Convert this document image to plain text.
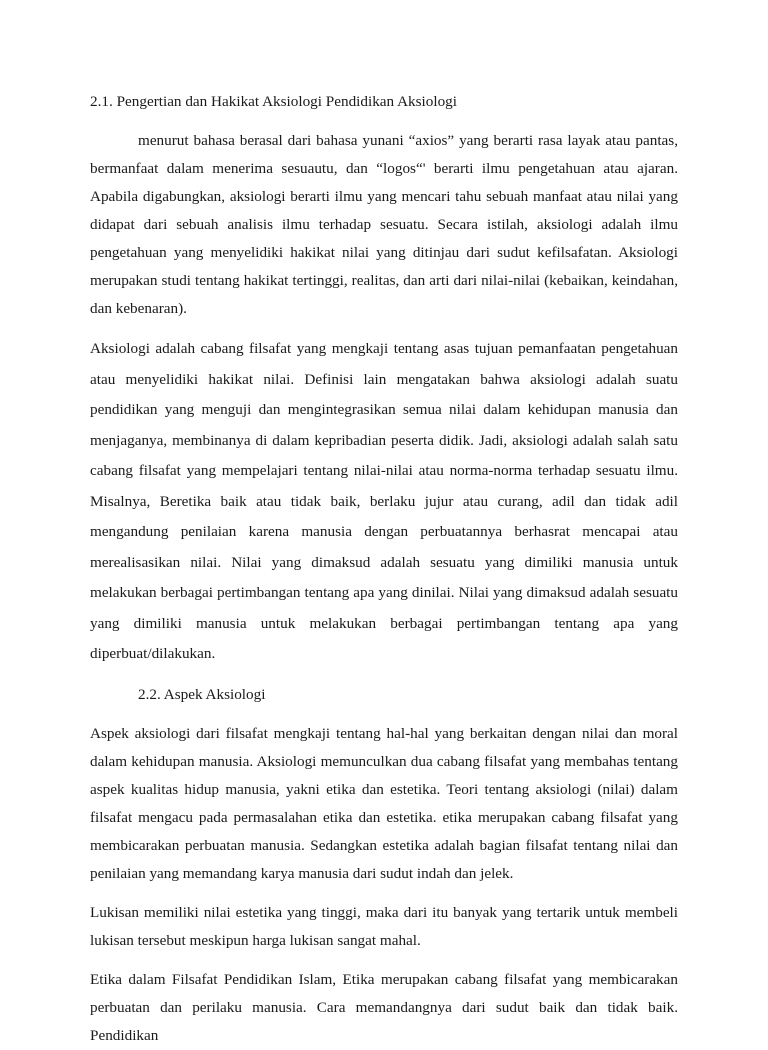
2.1. Pengertian dan Hakikat Aksiologi Pendidikan Aksiologi

menurut bahasa berasal dari bahasa yunani “axios” yang berarti rasa layak atau pantas, bermanfaat dalam menerima sesuautu, dan “logos“' berarti ilmu pengetahuan atau ajaran. Apabila digabungkan, aksiologi berarti ilmu yang mencari tahu sebuah manfaat atau nilai yang didapat dari sebuah analisis ilmu terhadap sesuatu. Secara istilah, aksiologi adalah ilmu pengetahuan yang menyelidiki hakikat nilai yang ditinjau dari sudut kefilsafatan. Aksiologi merupakan studi tentang hakikat tertinggi, realitas, dan arti dari nilai-nilai (kebaikan, keindahan, dan kebenaran).

Aksiologi adalah cabang filsafat yang mengkaji tentang asas tujuan pemanfaatan pengetahuan atau menyelidiki hakikat nilai. Definisi lain mengatakan bahwa aksiologi adalah suatu pendidikan yang menguji dan mengintegrasikan semua nilai dalam kehidupan manusia dan menjaganya, membinanya di dalam kepribadian peserta didik. Jadi, aksiologi adalah salah satu cabang filsafat yang mempelajari tentang nilai-nilai atau norma-norma terhadap sesuatu ilmu. Misalnya, Beretika baik atau tidak baik, berlaku jujur atau curang, adil dan tidak adil mengandung penilaian karena manusia dengan perbuatannya berhasrat mencapai atau merealisasikan nilai. Nilai yang dimaksud adalah sesuatu yang dimiliki manusia untuk melakukan berbagai pertimbangan tentang apa yang dinilai. Nilai yang dimaksud adalah sesuatu yang dimiliki manusia untuk melakukan berbagai pertimbangan tentang apa yang diperbuat/dilakukan.

2.2. Aspek Aksiologi

Aspek aksiologi dari filsafat mengkaji tentang hal-hal yang berkaitan dengan nilai dan moral dalam kehidupan manusia. Aksiologi memunculkan dua cabang filsafat yang membahas tentang aspek kualitas hidup manusia, yakni etika dan estetika. Teori tentang aksiologi (nilai) dalam filsafat mengacu pada permasalahan etika dan estetika. etika merupakan cabang filsafat yang membicarakan perbuatan manusia. Sedangkan estetika adalah bagian filsafat tentang nilai dan penilaian yang memandang karya manusia dari sudut indah dan jelek.

Lukisan memiliki nilai estetika yang tinggi, maka dari itu banyak yang tertarik untuk membeli lukisan tersebut meskipun harga lukisan sangat mahal.

Etika dalam Filsafat Pendidikan Islam, Etika merupakan cabang filsafat yang membicarakan perbuatan dan perilaku manusia. Cara memandangnya dari sudut baik dan tidak baik. Pendidikan
